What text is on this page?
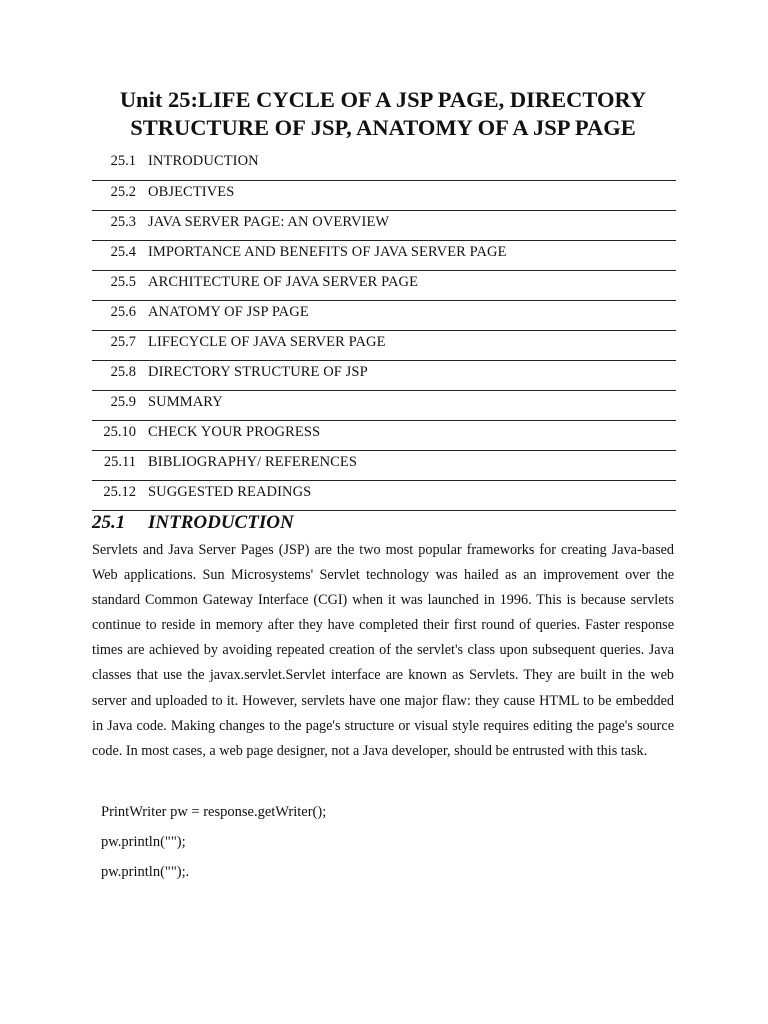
Unit 25:LIFE CYCLE OF A JSP PAGE, DIRECTORY
STRUCTURE OF JSP, ANATOMY OF A JSP PAGE
25.1 INTRODUCTION
25.2 OBJECTIVES
25.3 JAVA SERVER PAGE: AN OVERVIEW
25.4 IMPORTANCE AND BENEFITS OF JAVA SERVER PAGE
25.5 ARCHITECTURE OF JAVA SERVER PAGE
25.6 ANATOMY OF JSP PAGE
25.7 LIFECYCLE OF JAVA SERVER PAGE
25.8 DIRECTORY STRUCTURE OF JSP
25.9 SUMMARY
25.10 CHECK YOUR PROGRESS
25.11 BIBLIOGRAPHY/ REFERENCES
25.12 SUGGESTED READINGS
25.1 INTRODUCTION

Servlets and Java Server Pages (JSP) are the two most popular frameworks for creating Java-based Web applications. Sun Microsystems' Servlet technology was hailed as an improvement over the standard Common Gateway Interface (CGI) when it was launched in 1996. This is because servlets continue to reside in memory after they have completed their first round of queries. Faster response times are achieved by avoiding repeated creation of the servlet's class upon subsequent queries. Java classes that use the javax.servlet.Servlet interface are known as Servlets. They are built in the web server and uploaded to it. However, servlets have one major flaw: they cause HTML to be embedded in Java code. Making changes to the page's structure or visual style requires editing the page's source code. In most cases, a web page designer, not a Java developer, should be entrusted with this task.

PrintWriter pw = response.getWriter();
pw.println("");
pw.println("");.
